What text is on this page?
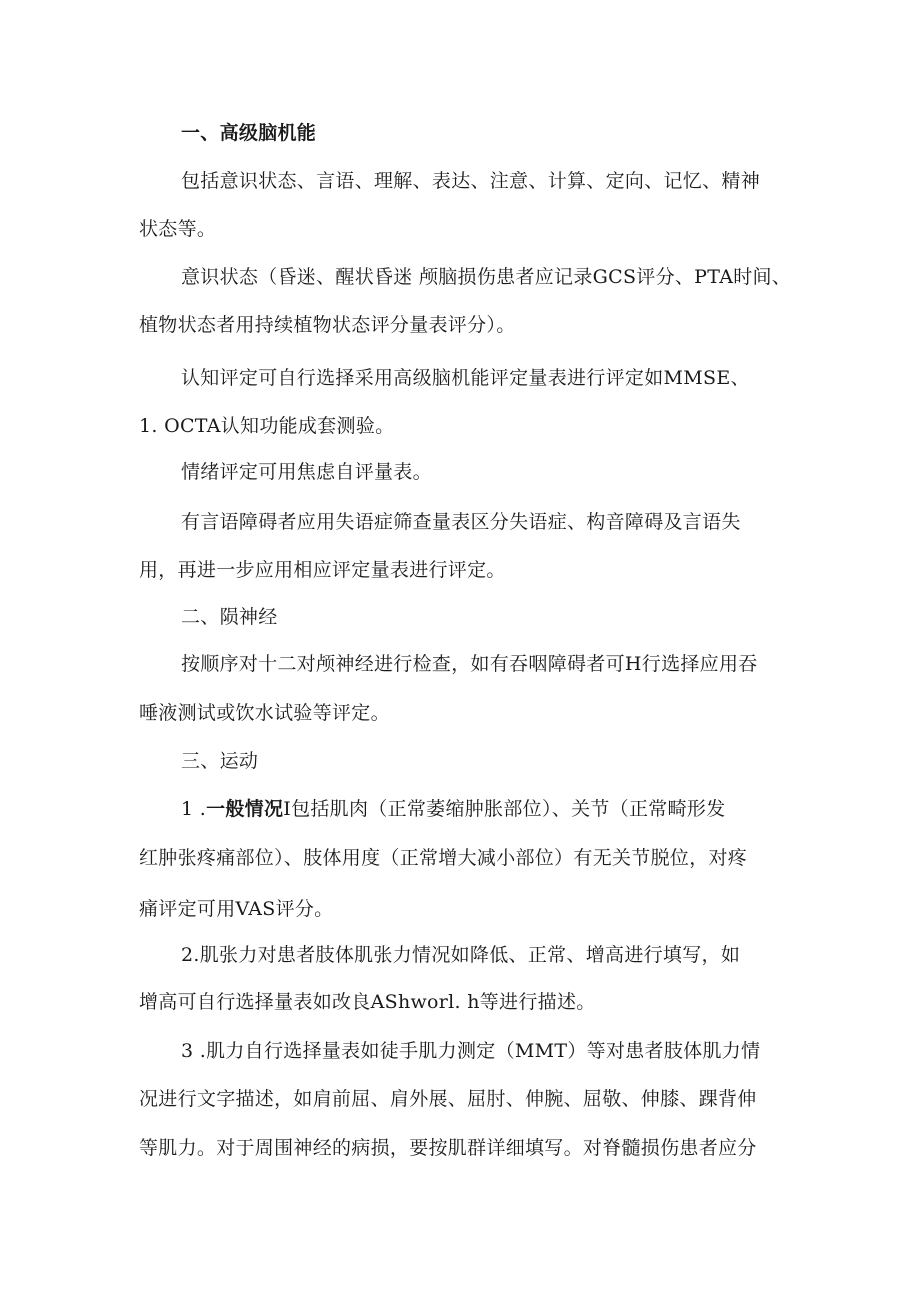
一、高级脑机能
包括意识状态、言语、理解、表达、注意、计算、定向、记忆、精神
状态等。
意识状态（昏迷、醒状昏迷 颅脑损伤患者应记录GCS评分、PTA时间、
植物状态者用持续植物状态评分量表评分）。
认知评定可自行选择采用高级脑机能评定量表进行评定如MMSE、
1. OCTA认知功能成套测验。
情绪评定可用焦虑自评量表。
有言语障碍者应用失语症筛查量表区分失语症、构音障碍及言语失
用，再进一步应用相应评定量表进行评定。
二、陨神经
按顺序对十二对颅神经进行检查，如有吞咽障碍者可H行选择应用吞
唾液测试或饮水试验等评定。
三、运动
1 .一般情况I包括肌肉（正常萎缩肿胀部位）、关节（正常畸形发
红肿张疼痛部位）、肢体用度（正常增大减小部位）有无关节脱位，对疼
痛评定可用VAS评分。
2.肌张力对患者肢体肌张力情况如降低、正常、增高进行填写，如
增高可自行选择量表如改良AShworl. h等进行描述。
3 .肌力自行选择量表如徒手肌力测定（MMT）等对患者肢体肌力情
况进行文字描述，如肩前屈、肩外展、屈肘、伸腕、屈敬、伸膝、踝背伸
等肌力。对于周围神经的病损，要按肌群详细填写。对脊髓损伤患者应分
